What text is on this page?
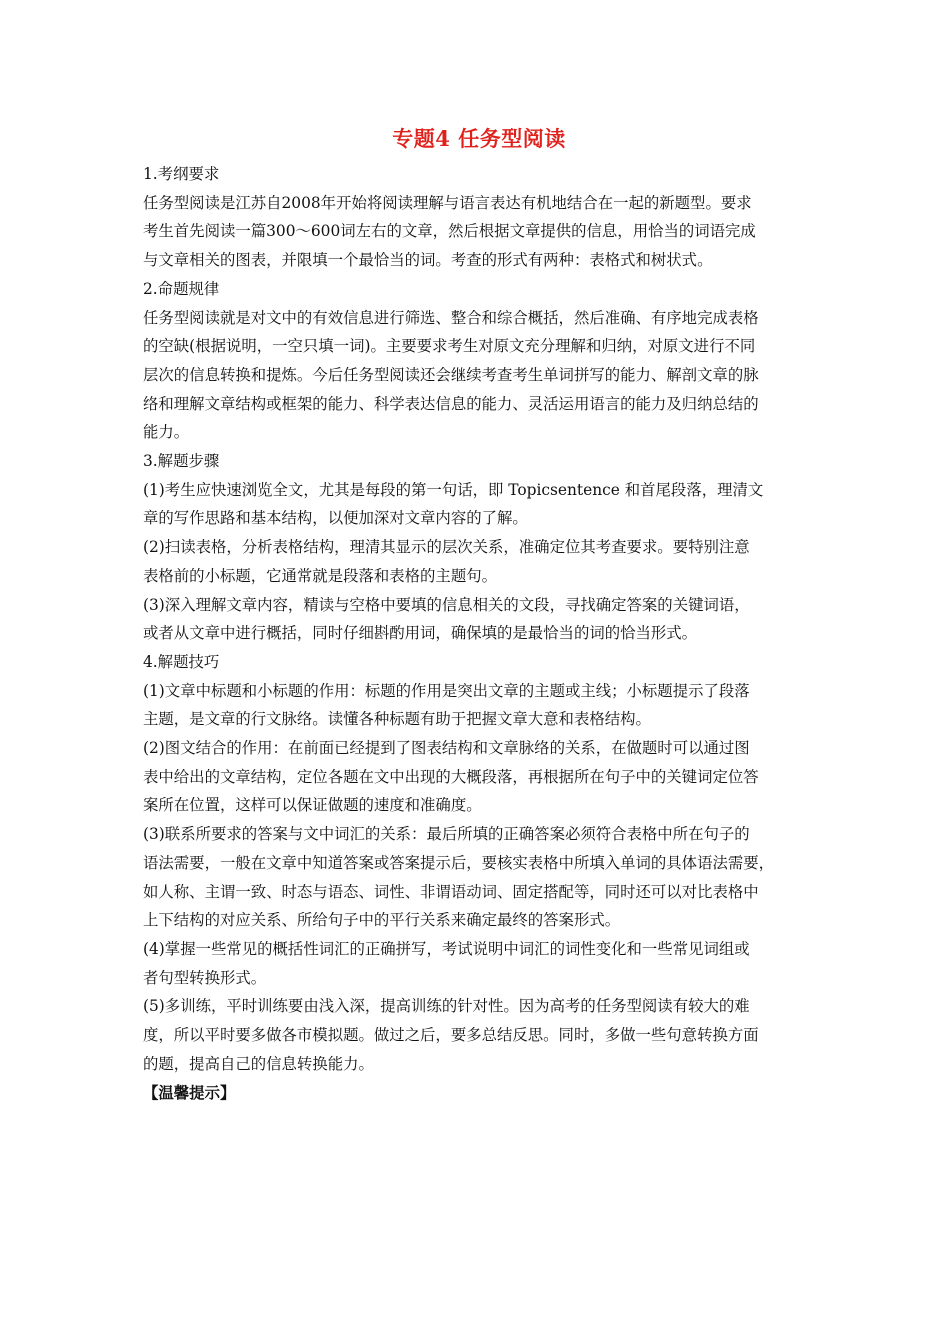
专题4 任务型阅读

1.考纲要求

任务型阅读是江苏自2008年开始将阅读理解与语言表达有机地结合在一起的新题型。要求

考生首先阅读一篇300～600词左右的文章，然后根据文章提供的信息，用恰当的词语完成

与文章相关的图表，并限填一个最恰当的词。考查的形式有两种：表格式和树状式。

2.命题规律

任务型阅读就是对文中的有效信息进行筛选、整合和综合概括，然后准确、有序地完成表格

的空缺(根据说明，一空只填一词)。主要要求考生对原文充分理解和归纳，对原文进行不同

层次的信息转换和提炼。今后任务型阅读还会继续考查考生单词拼写的能力、解剖文章的脉

络和理解文章结构或框架的能力、科学表达信息的能力、灵活运用语言的能力及归纳总结的

能力。

3.解题步骤

(1)考生应快速浏览全文，尤其是每段的第一句话，即 Topicsentence 和首尾段落，理清文

章的写作思路和基本结构，以便加深对文章内容的了解。

(2)扫读表格，分析表格结构，理清其显示的层次关系，准确定位其考查要求。要特别注意

表格前的小标题，它通常就是段落和表格的主题句。

(3)深入理解文章内容，精读与空格中要填的信息相关的文段，寻找确定答案的关键词语，

或者从文章中进行概括，同时仔细斟酌用词，确保填的是最恰当的词的恰当形式。

4.解题技巧

(1)文章中标题和小标题的作用：标题的作用是突出文章的主题或主线；小标题提示了段落

主题，是文章的行文脉络。读懂各种标题有助于把握文章大意和表格结构。

(2)图文结合的作用：在前面已经提到了图表结构和文章脉络的关系，在做题时可以通过图

表中给出的文章结构，定位各题在文中出现的大概段落，再根据所在句子中的关键词定位答

案所在位置，这样可以保证做题的速度和准确度。

(3)联系所要求的答案与文中词汇的关系：最后所填的正确答案必须符合表格中所在句子的

语法需要，一般在文章中知道答案或答案提示后，要核实表格中所填入单词的具体语法需要，

如人称、主谓一致、时态与语态、词性、非谓语动词、固定搭配等，同时还可以对比表格中

上下结构的对应关系、所给句子中的平行关系来确定最终的答案形式。

(4)掌握一些常见的概括性词汇的正确拼写，考试说明中词汇的词性变化和一些常见词组或

者句型转换形式。

(5)多训练，平时训练要由浅入深，提高训练的针对性。因为高考的任务型阅读有较大的难

度，所以平时要多做各市模拟题。做过之后，要多总结反思。同时，多做一些句意转换方面

的题，提高自己的信息转换能力。

【温馨提示】
